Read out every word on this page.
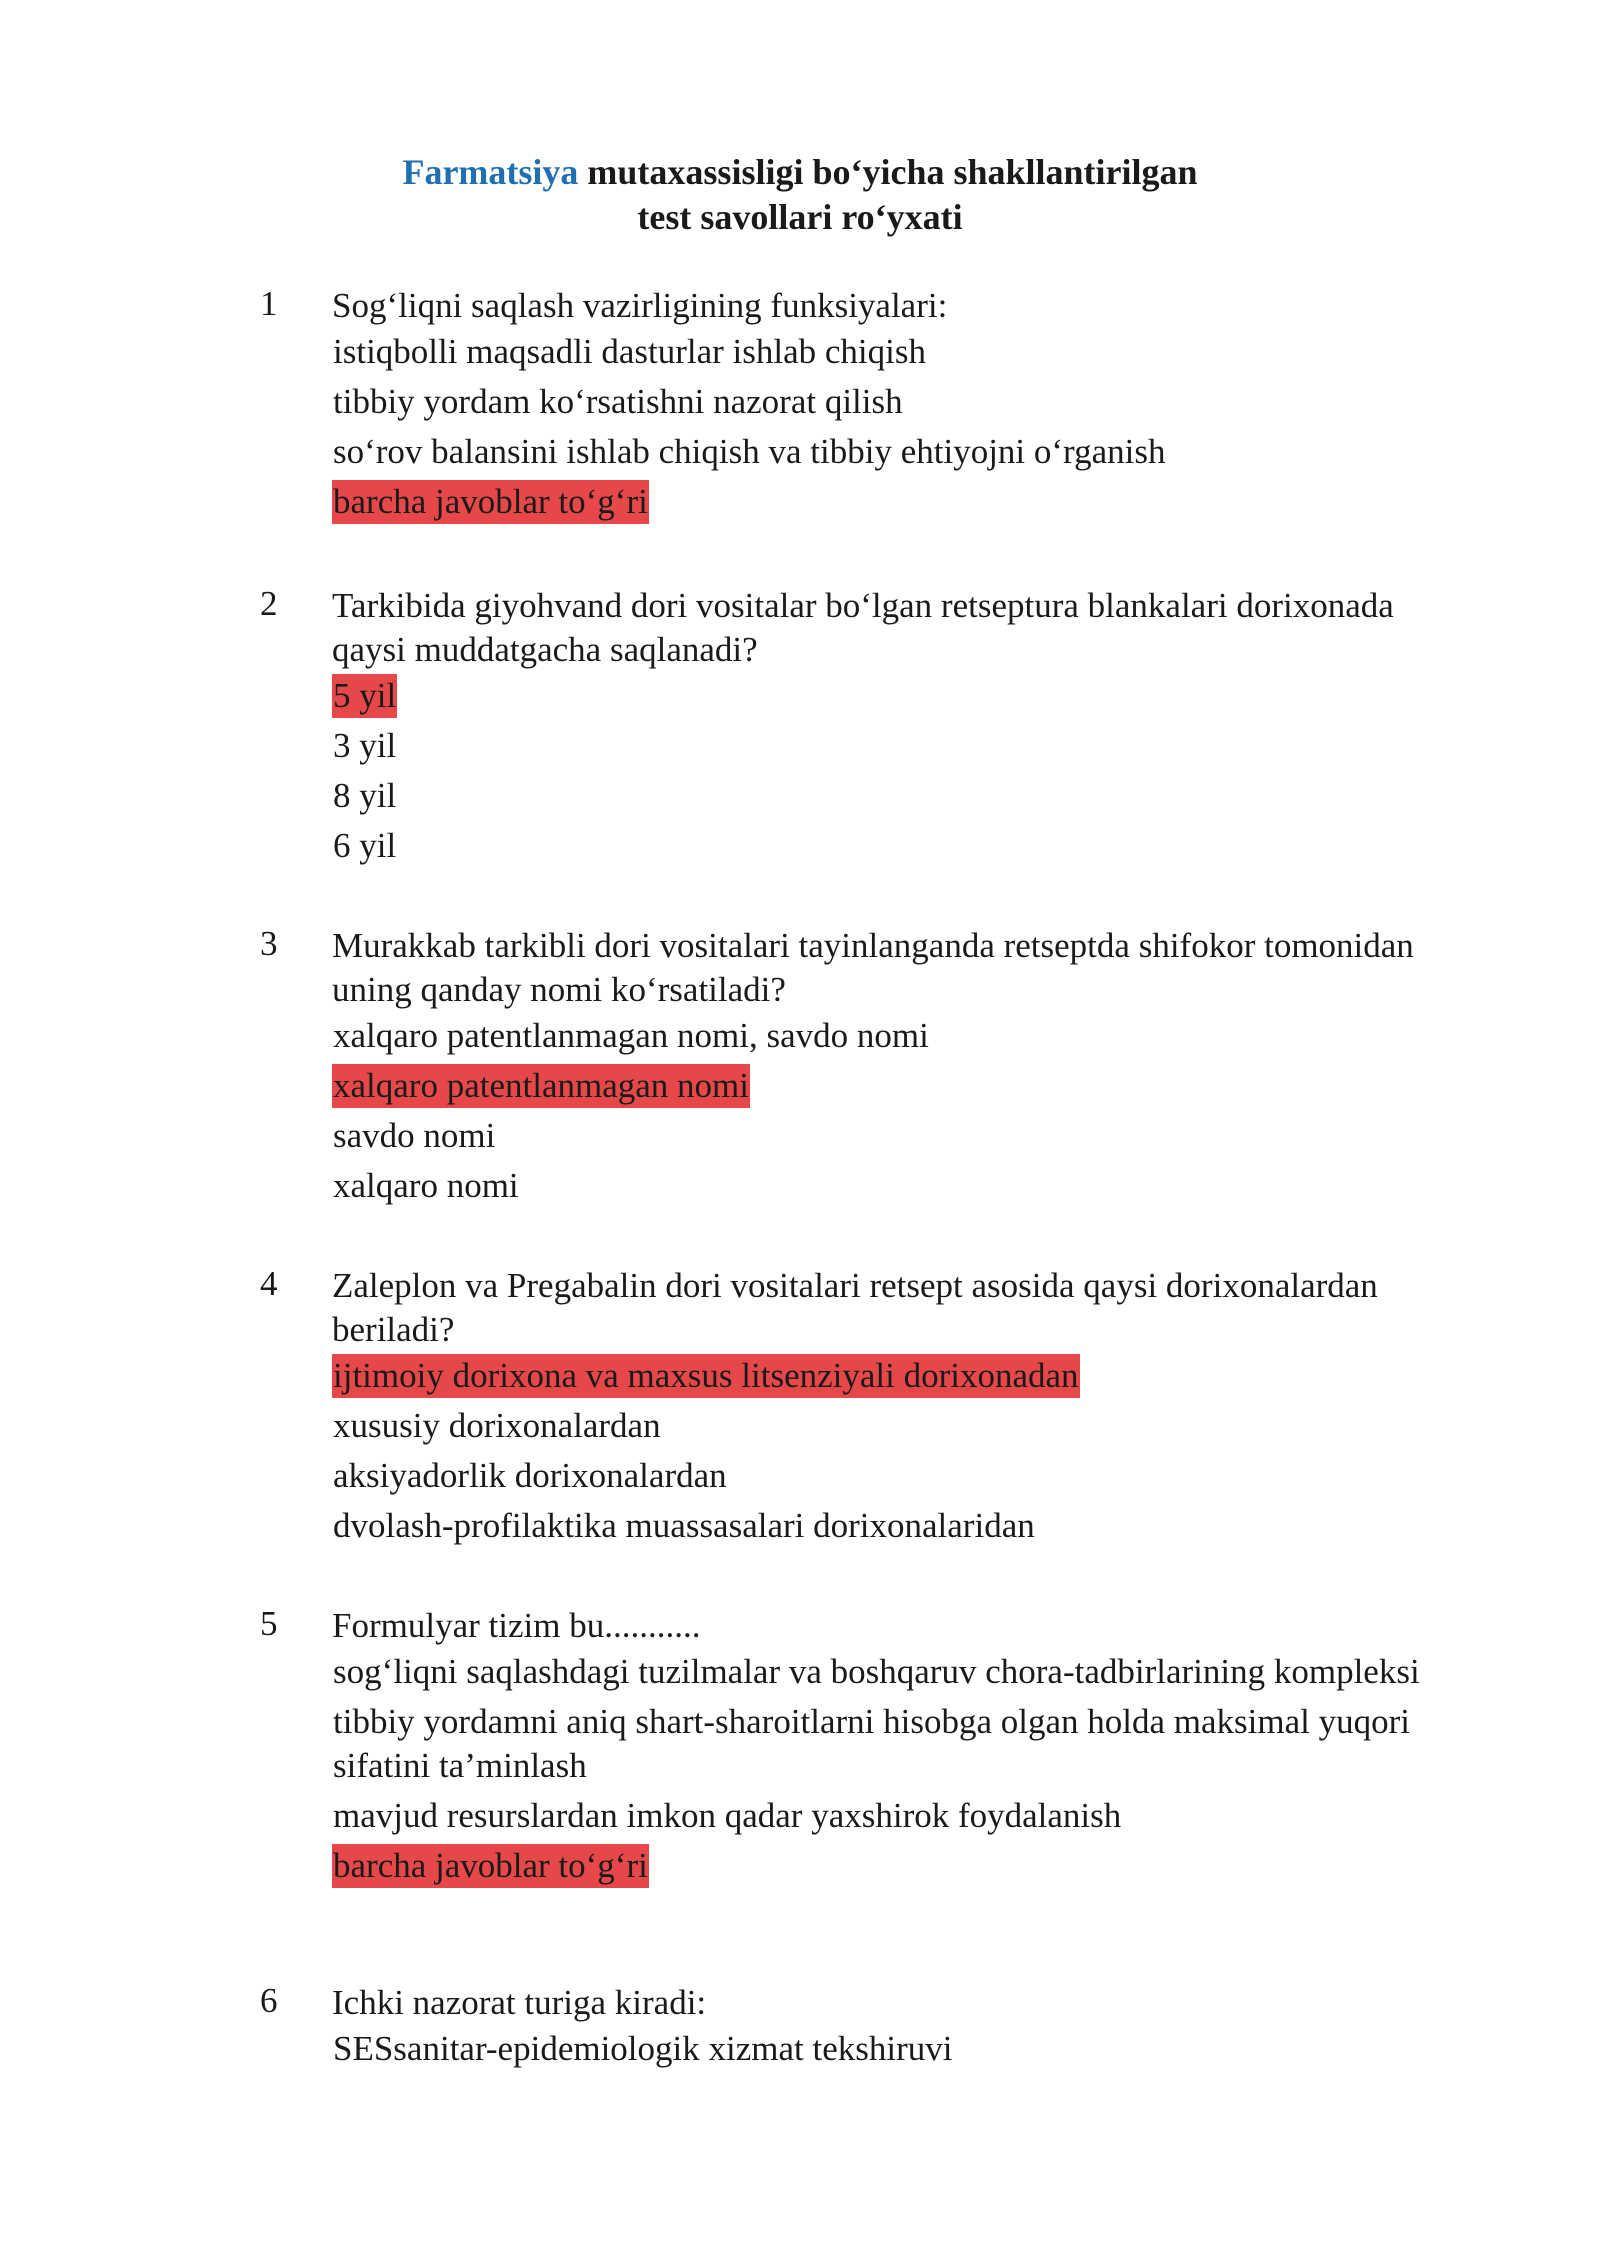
Farmatsiya mutaxassisligi bo‘yicha shakllantirilgan
test savollari ro‘yxati
1	Sog‘liqni saqlash vazirligining funksiyalari:
istiqbolli maqsadli dasturlar ishlab chiqish
tibbiy yordam ko‘rsatishni nazorat qilish
so‘rov balansini ishlab chiqish va tibbiy ehtiyojni o‘rganish
barcha javoblar to‘g‘ri
2	Tarkibida giyohvand dori vositalar bo‘lgan retseptura blankalari dorixonada qaysi muddatgacha saqlanadi?
5 yil
3 yil
8 yil
6 yil
3	Murakkab tarkibli dori vositalari tayinlanganda retseptda shifokor tomonidan uning qanday nomi ko‘rsatiladi?
xalqaro patentlanmagan nomi, savdo nomi
xalqaro patentlanmagan nomi
savdo nomi
xalqaro nomi
4	Zaleplon va Pregabalin dori vositalari retsept asosida qaysi dorixonalardan beriladi?
ijtimoiy dorixona va maxsus litsenziyali dorixonadan
xususiy dorixonalardan
aksiyadorlik dorixonalardan
dvolash-profilaktika muassasalari dorixonalaridan
5	Formulyar tizim bu...........
sog‘liqni saqlashdagi tuzilmalar va boshqaruv chora-tadbirlarining kompleksi
tibbiy yordamni aniq shart-sharoitlarni hisobga olgan holda maksimal yuqori sifatini ta’minlash
mavjud resurslardan imkon qadar yaxshirok foydalanish
barcha javoblar to‘g‘ri
6	Ichki nazorat turiga kiradi:
SESsanitar-epidemiologik xizmat tekshiruvi
